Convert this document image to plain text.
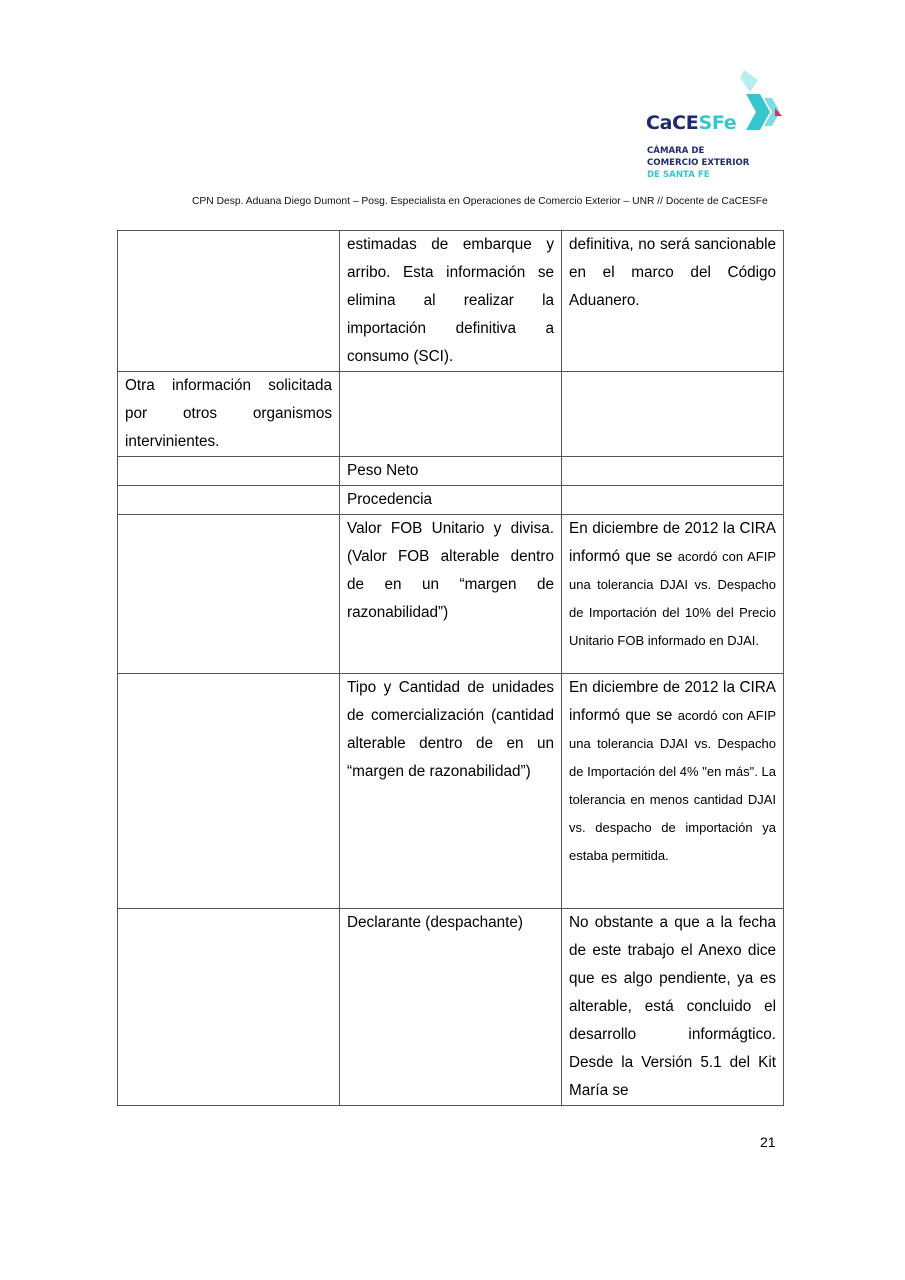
CaCESFe
CÁMARA DE
COMERCIO EXTERIOR
DE SANTA FE
CPN Desp. Aduana Diego Dumont – Posg. Especialista en Operaciones de Comercio Exterior – UNR // Docente de CaCESFe
	estimadas de embarque y arribo. Esta información se elimina al realizar la importación definitiva a consumo (SCI).	definitiva, no será sancionable en el marco del Código Aduanero.
Otra información solicitada por otros organismos intervinientes.		
	Peso Neto	
	Procedencia	
	Valor FOB Unitario y divisa. (Valor FOB alterable dentro de en un “margen de razonabilidad”)	En diciembre de 2012 la CIRA informó que se acordó con AFIP una tolerancia DJAI vs. Despacho de Importación del 10% del Precio Unitario FOB informado en DJAI.
	Tipo y Cantidad de unidades de comercialización (cantidad alterable dentro de en un “margen de razonabilidad”)	En diciembre de 2012 la CIRA informó que se acordó con AFIP una tolerancia DJAI vs. Despacho de Importación del 4% "en más". La tolerancia en menos cantidad DJAI vs. despacho de importación ya estaba permitida.
	Declarante (despachante)	No obstante a que a la fecha de este trabajo el Anexo dice que es algo pendiente, ya es alterable, está concluido el desarrollo informágtico. Desde la Versión 5.1 del Kit María se
21
